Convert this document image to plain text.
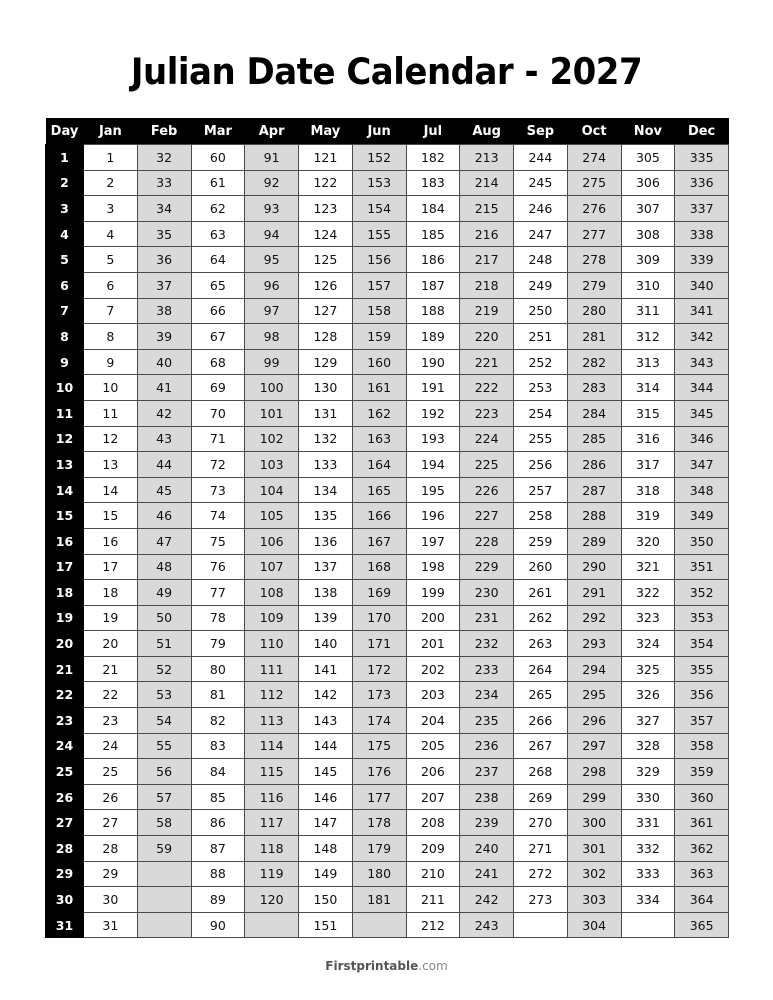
Julian Date Calendar - 2027
Day	Jan	Feb	Mar	Apr	May	Jun	Jul	Aug	Sep	Oct	Nov	Dec
1	1	32	60	91	121	152	182	213	244	274	305	335
2	2	33	61	92	122	153	183	214	245	275	306	336
3	3	34	62	93	123	154	184	215	246	276	307	337
4	4	35	63	94	124	155	185	216	247	277	308	338
5	5	36	64	95	125	156	186	217	248	278	309	339
6	6	37	65	96	126	157	187	218	249	279	310	340
7	7	38	66	97	127	158	188	219	250	280	311	341
8	8	39	67	98	128	159	189	220	251	281	312	342
9	9	40	68	99	129	160	190	221	252	282	313	343
10	10	41	69	100	130	161	191	222	253	283	314	344
11	11	42	70	101	131	162	192	223	254	284	315	345
12	12	43	71	102	132	163	193	224	255	285	316	346
13	13	44	72	103	133	164	194	225	256	286	317	347
14	14	45	73	104	134	165	195	226	257	287	318	348
15	15	46	74	105	135	166	196	227	258	288	319	349
16	16	47	75	106	136	167	197	228	259	289	320	350
17	17	48	76	107	137	168	198	229	260	290	321	351
18	18	49	77	108	138	169	199	230	261	291	322	352
19	19	50	78	109	139	170	200	231	262	292	323	353
20	20	51	79	110	140	171	201	232	263	293	324	354
21	21	52	80	111	141	172	202	233	264	294	325	355
22	22	53	81	112	142	173	203	234	265	295	326	356
23	23	54	82	113	143	174	204	235	266	296	327	357
24	24	55	83	114	144	175	205	236	267	297	328	358
25	25	56	84	115	145	176	206	237	268	298	329	359
26	26	57	85	116	146	177	207	238	269	299	330	360
27	27	58	86	117	147	178	208	239	270	300	331	361
28	28	59	87	118	148	179	209	240	271	301	332	362
29	29		88	119	149	180	210	241	272	302	333	363
30	30		89	120	150	181	211	242	273	303	334	364
31	31		90		151		212	243		304		365
Firstprintable.com
